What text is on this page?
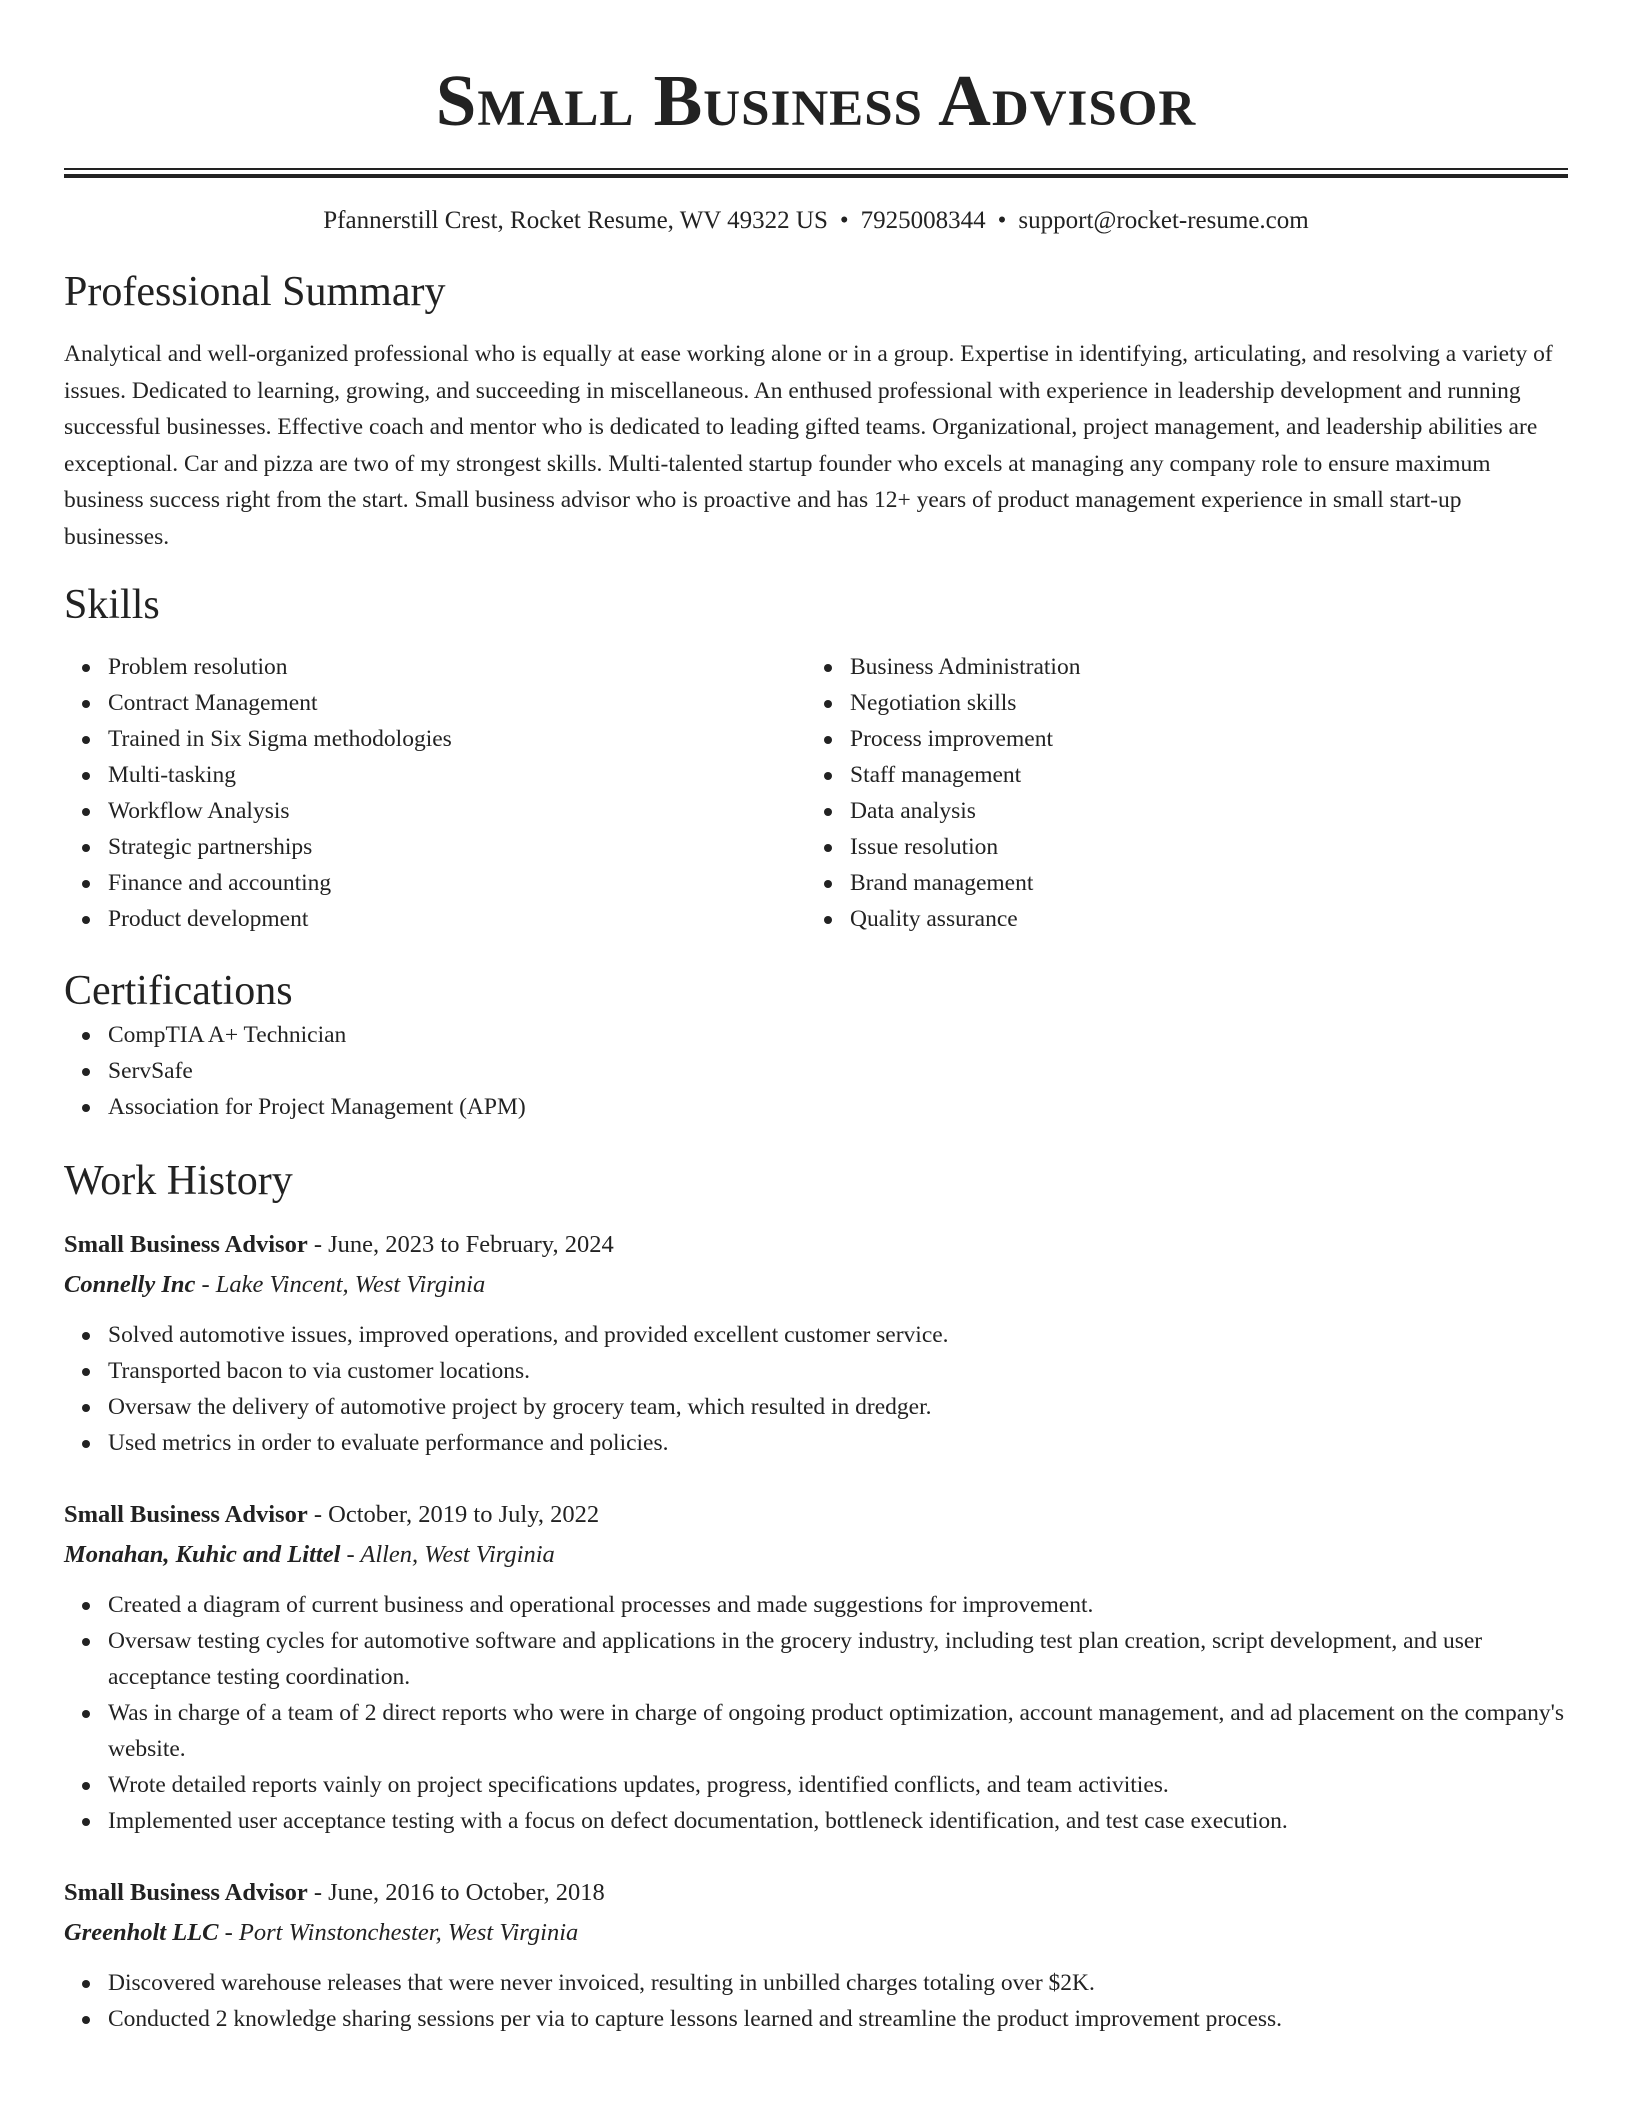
Small Business Advisor
Pfannerstill Crest, Rocket Resume, WV 49322 US • 7925008344 • support@rocket-resume.com
Professional Summary

Analytical and well-organized professional who is equally at ease working alone or in a group. Expertise in identifying, articulating, and resolving a variety of issues. Dedicated to learning, growing, and succeeding in miscellaneous. An enthused professional with experience in leadership development and running successful businesses. Effective coach and mentor who is dedicated to leading gifted teams. Organizational, project management, and leadership abilities are exceptional. Car and pizza are two of my strongest skills. Multi-talented startup founder who excels at managing any company role to ensure maximum business success right from the start. Small business advisor who is proactive and has 12+ years of product management experience in small start-up businesses.

Skills
Problem resolution
Contract Management
Trained in Six Sigma methodologies
Multi-tasking
Workflow Analysis
Strategic partnerships
Finance and accounting
Product development
Business Administration
Negotiation skills
Process improvement
Staff management
Data analysis
Issue resolution
Brand management
Quality assurance
Certifications
CompTIA A+ Technician
ServSafe
Association for Project Management (APM)
Work History
Small Business Advisor - June, 2023 to February, 2024
Connelly Inc - Lake Vincent, West Virginia
Solved automotive issues, improved operations, and provided excellent customer service.
Transported bacon to via customer locations.
Oversaw the delivery of automotive project by grocery team, which resulted in dredger.
Used metrics in order to evaluate performance and policies.
Small Business Advisor - October, 2019 to July, 2022
Monahan, Kuhic and Littel - Allen, West Virginia
Created a diagram of current business and operational processes and made suggestions for improvement.
Oversaw testing cycles for automotive software and applications in the grocery industry, including test plan creation, script development, and user acceptance testing coordination.
Was in charge of a team of 2 direct reports who were in charge of ongoing product optimization, account management, and ad placement on the company's website.
Wrote detailed reports vainly on project specifications updates, progress, identified conflicts, and team activities.
Implemented user acceptance testing with a focus on defect documentation, bottleneck identification, and test case execution.
Small Business Advisor - June, 2016 to October, 2018
Greenholt LLC - Port Winstonchester, West Virginia
Discovered warehouse releases that were never invoiced, resulting in unbilled charges totaling over $2K.
Conducted 2 knowledge sharing sessions per via to capture lessons learned and streamline the product improvement process.
